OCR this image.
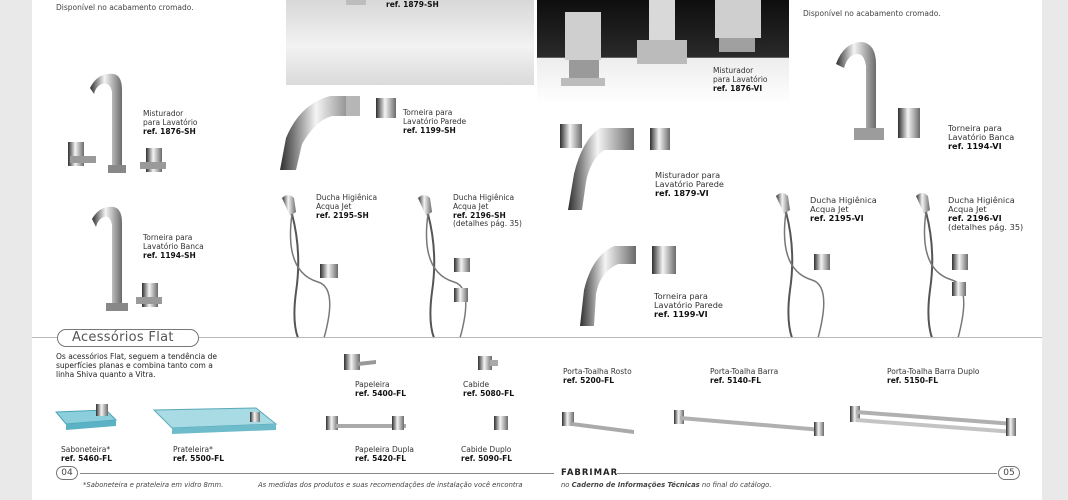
Disponível no acabamento cromado.
Disponível no acabamento cromado.
ref. 1879-SH
Misturador
para Lavatório
ref. 1876-VI
Misturador
para Lavatório
ref. 1876-SH
Torneira para
Lavatório Banca
ref. 1194-SH
Torneira para
Lavatório Parede
ref. 1199-SH
Ducha Higiênica
Acqua Jet
ref. 2195-SH
Ducha Higiênica
Acqua Jet
ref. 2196-SH
(detalhes pág. 35)
Misturador para
Lavatório Parede
ref. 1879-VI
Torneira para
Lavatório Parede
ref. 1199-VI
Torneira para
Lavatório Banca
ref. 1194-VI
Ducha Higiênica
Acqua Jet
ref. 2195-VI
Ducha Higiênica
Acqua Jet
ref. 2196-VI
(detalhes pág. 35)
Acessórios Flat
Os acessórios Flat, seguem a tendência de
superfícies planas e combina tanto com a
linha Shiva quanto a Vitra.
Saboneteira*
ref. 5460-FL
Prateleira*
ref. 5500-FL
Papeleira
ref. 5400-FL
Cabide
ref. 5080-FL
Papeleira Dupla
ref. 5420-FL
Cabide Duplo
ref. 5090-FL
Porta-Toalha Rosto
ref. 5200-FL
Porta-Toalha Barra
ref. 5140-FL
Porta-Toalha Barra Duplo
ref. 5150-FL
04	05
FABRIMAR
*Saboneteira e prateleira em vidro 8mm.	As medidas dos produtos e suas recomendações de instalação você encontra	no Caderno de Informações Técnicas no final do catálogo.
